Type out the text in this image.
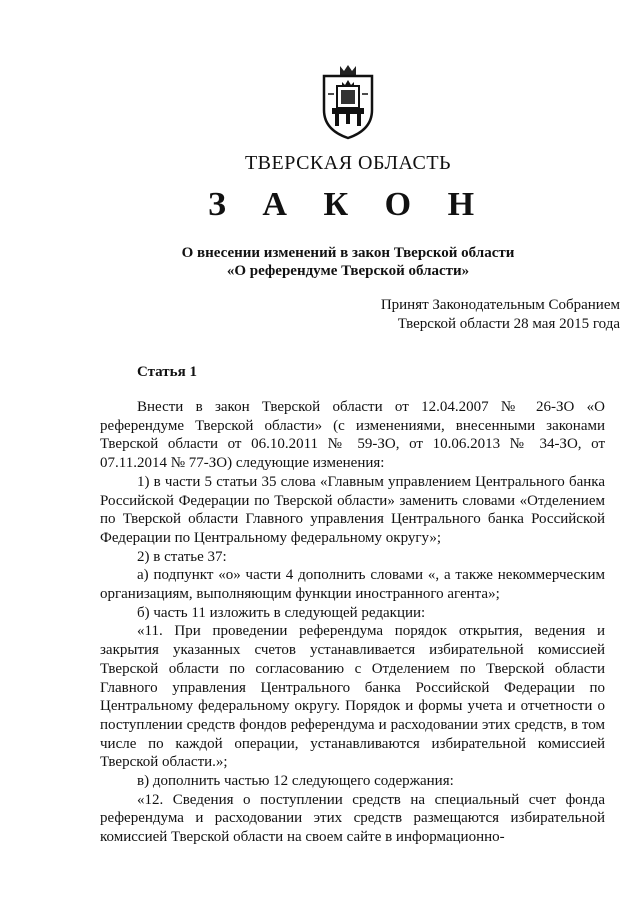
ТВЕРСКАЯ ОБЛАСТЬ
З А К О Н
О внесении изменений в закон Тверской области
«О референдуме Тверской области»
Принят Законодательным Собранием
Тверской области 28 мая 2015 года
Статья 1

Внести в закон Тверской области от 12.04.2007 № 26-ЗО «О референдуме Тверской области» (с изменениями, внесенными законами Тверской области от 06.10.2011 № 59-ЗО, от 10.06.2013 № 34-ЗО, от 07.11.2014 № 77-ЗО) следующие изменения:

1) в части 5 статьи 35 слова «Главным управлением Центрального банка Российской Федерации по Тверской области» заменить словами «Отделением по Тверской области Главного управления Центрального банка Российской Федерации по Центральному федеральному округу»;

2) в статье 37:

а) подпункт «о» части 4 дополнить словами «, а также некоммерческим организациям, выполняющим функции иностранного агента»;

б) часть 11 изложить в следующей редакции:

«11. При проведении референдума порядок открытия, ведения и закрытия указанных счетов устанавливается избирательной комиссией Тверской области по согласованию с Отделением по Тверской области Главного управления Центрального банка Российской Федерации по Центральному федеральному округу. Порядок и формы учета и отчетности о поступлении средств фондов референдума и расходовании этих средств, в том числе по каждой операции, устанавливаются избирательной комиссией Тверской области.»;

в) дополнить частью 12 следующего содержания:

«12. Сведения о поступлении средств на специальный счет фонда референдума и расходовании этих средств размещаются избирательной комиссией Тверской области на своем сайте в информационно-
